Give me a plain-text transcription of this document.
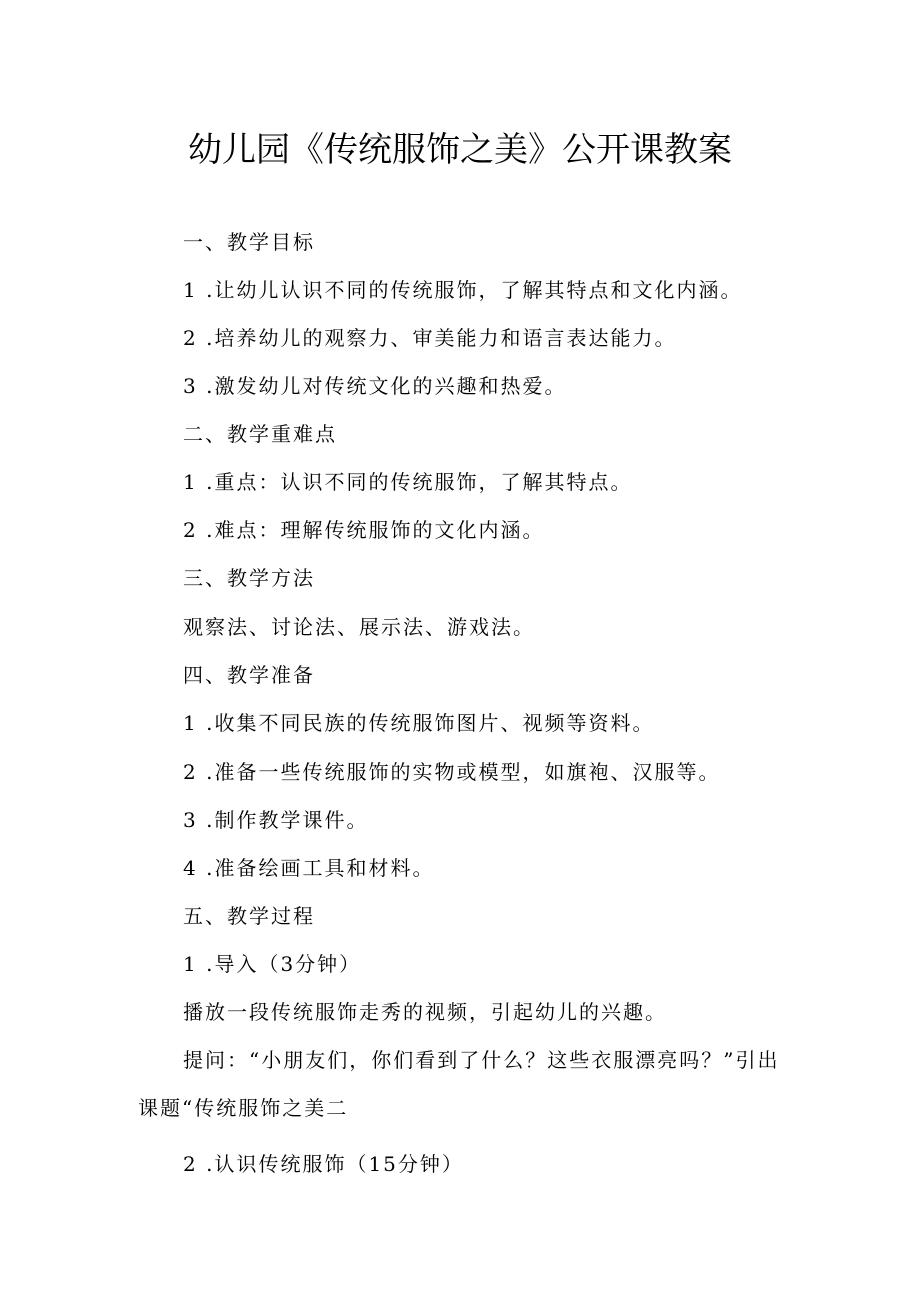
幼儿园《传统服饰之美》公开课教案
一、教学目标
1 .让幼儿认识不同的传统服饰，了解其特点和文化内涵。
2 .培养幼儿的观察力、审美能力和语言表达能力。
3 .激发幼儿对传统文化的兴趣和热爱。
二、教学重难点
1 .重点：认识不同的传统服饰，了解其特点。
2 .难点：理解传统服饰的文化内涵。
三、教学方法
观察法、讨论法、展示法、游戏法。
四、教学准备
1 .收集不同民族的传统服饰图片、视频等资料。
2 .准备一些传统服饰的实物或模型，如旗袍、汉服等。
3 .制作教学课件。
4 .准备绘画工具和材料。
五、教学过程
1 .导入（3分钟）
播放一段传统服饰走秀的视频，引起幼儿的兴趣。
提问：“小朋友们，你们看到了什么？这些衣服漂亮吗？”引出
课题“传统服饰之美二
2 .认识传统服饰（15分钟）
